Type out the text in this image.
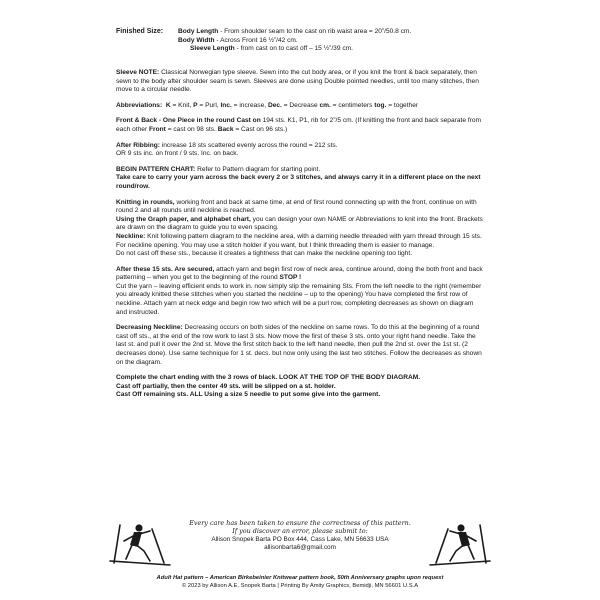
Finished Size: Body Length - From shoulder seam to the cast on rib waist area = 20”/50.8 cm.
Body Width - Across Front 16 ½”/42 cm.
Sleeve Length - from cast on to cast off – 15 ½”/39 cm.

Sleeve NOTE: Classical Norwegian type sleeve. Sewn into the cut body area, or if you knit the front & back separately, then sewn to the body after shoulder seam is sewn. Sleeves are done using Double pointed needles, until too many stitches, then move to a circular needle.

Abbreviations: K = Knit, P = Purl, Inc. = increase, Dec. = Decrease cm. = centimeters tog. = together

Front & Back - One Piece in the round Cast on 194 sts. K1, P1, rib for 2”/5 cm. (If knitting the front and back separate from each other Front = cast on 98 sts. Back = Cast on 96 sts.)

After Ribbing: increase 18 sts scattered evenly across the round = 212 sts.
OR 9 sts inc. on front / 9 sts. Inc. on back.

BEGIN PATTERN CHART: Refer to Pattern diagram for starting point.
Take care to carry your yarn across the back every 2 or 3 stitches, and always carry it in a different place on the next round/row.

Knitting in rounds, working front and back at same time, at end of first round connecting up with the front, continue on with round 2 and all rounds until neckline is reached.
Using the Graph paper, and alphabet chart, you can design your own NAME or Abbreviations to knit into the front. Brackets are drawn on the diagram to guide you to even spacing.
Neckline: Knit following pattern diagram to the neckline area, with a darning needle threaded with yarn thread through 15 sts. For neckline opening. You may use a stitch holder if you want, but I think threading them is easier to manage.
Do not cast off these sts., because it creates a tightness that can make the neckline opening too tight.

After these 15 sts. Are secured, attach yarn and begin first row of neck area, continue around, doing the both front and back patterning – when you get to the beginning of the round STOP !
Cut the yarn – leaving efficient ends to work in. now simply slip the remaining Sts. From the left needle to the right (remember you already knitted these stitches when you started the neckline – up to the opening) You have completed the first row of neckline. Attach yarn at neck edge and begin row two which will be a purl row, completing decreases as shown on diagram and instructed.

Decreasing Neckline: Decreasing occurs on both sides of the neckline on same rows. To do this at the beginning of a round cast off sts., at the end of the row work to last 3 sts. Now move the first of these 3 sts. onto your right hand needle. Take the last st. and pull it over the 2nd st. Move the first stitch back to the left hand needle, then pull the 2nd st. over the 1st st. (2 decreases done). Use same technique for 1 st. decs. but now only using the last two stitches. Follow the decreases as shown on the diagram.

Complete the chart ending with the 3 rows of black. LOOK AT THE TOP OF THE BODY DIAGRAM.
Cast off partially, then the center 49 sts. will be slipped on a st. holder.
Cast Off remaining sts. ALL Using a size 5 needle to put some give into the garment.

Every care has been taken to ensure the correctness of this pattern.
If you discover an error, please submit to:
Allison Snopek Barta PO Box 444, Cass Lake, MN 56633 USA
allisonbarta6@gmail.com
Adult Hat pattern – American Birkebeinier Knitwear pattern book, 50th Anniversary graphs upon request
© 2023 by Allison A.E. Snopek Barta | Printing By Amity Graphics, Bemidji, MN 56601 U.S.A
